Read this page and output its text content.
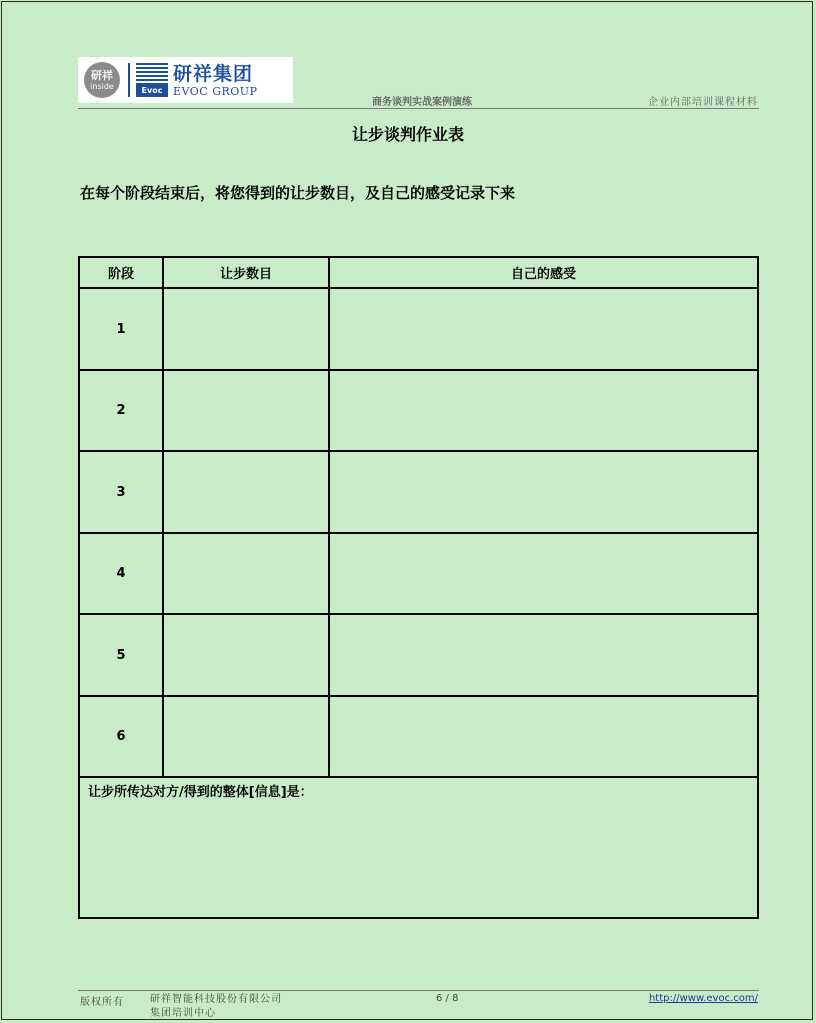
研祥
inside	Evoc
研祥集团
EVOC GROUP
商务谈判实战案例演练	企业内部培训课程材料
让步谈判作业表
在每个阶段结束后，将您得到的让步数目，及自己的感受记录下来
阶段	让步数目	自己的感受
1
2
3
4
5
6
让步所传达对方/得到的整体[信息]是：
版权所有	研祥智能科技股份有限公司
集团培训中心
6 / 8	http://www.evoc.com/
